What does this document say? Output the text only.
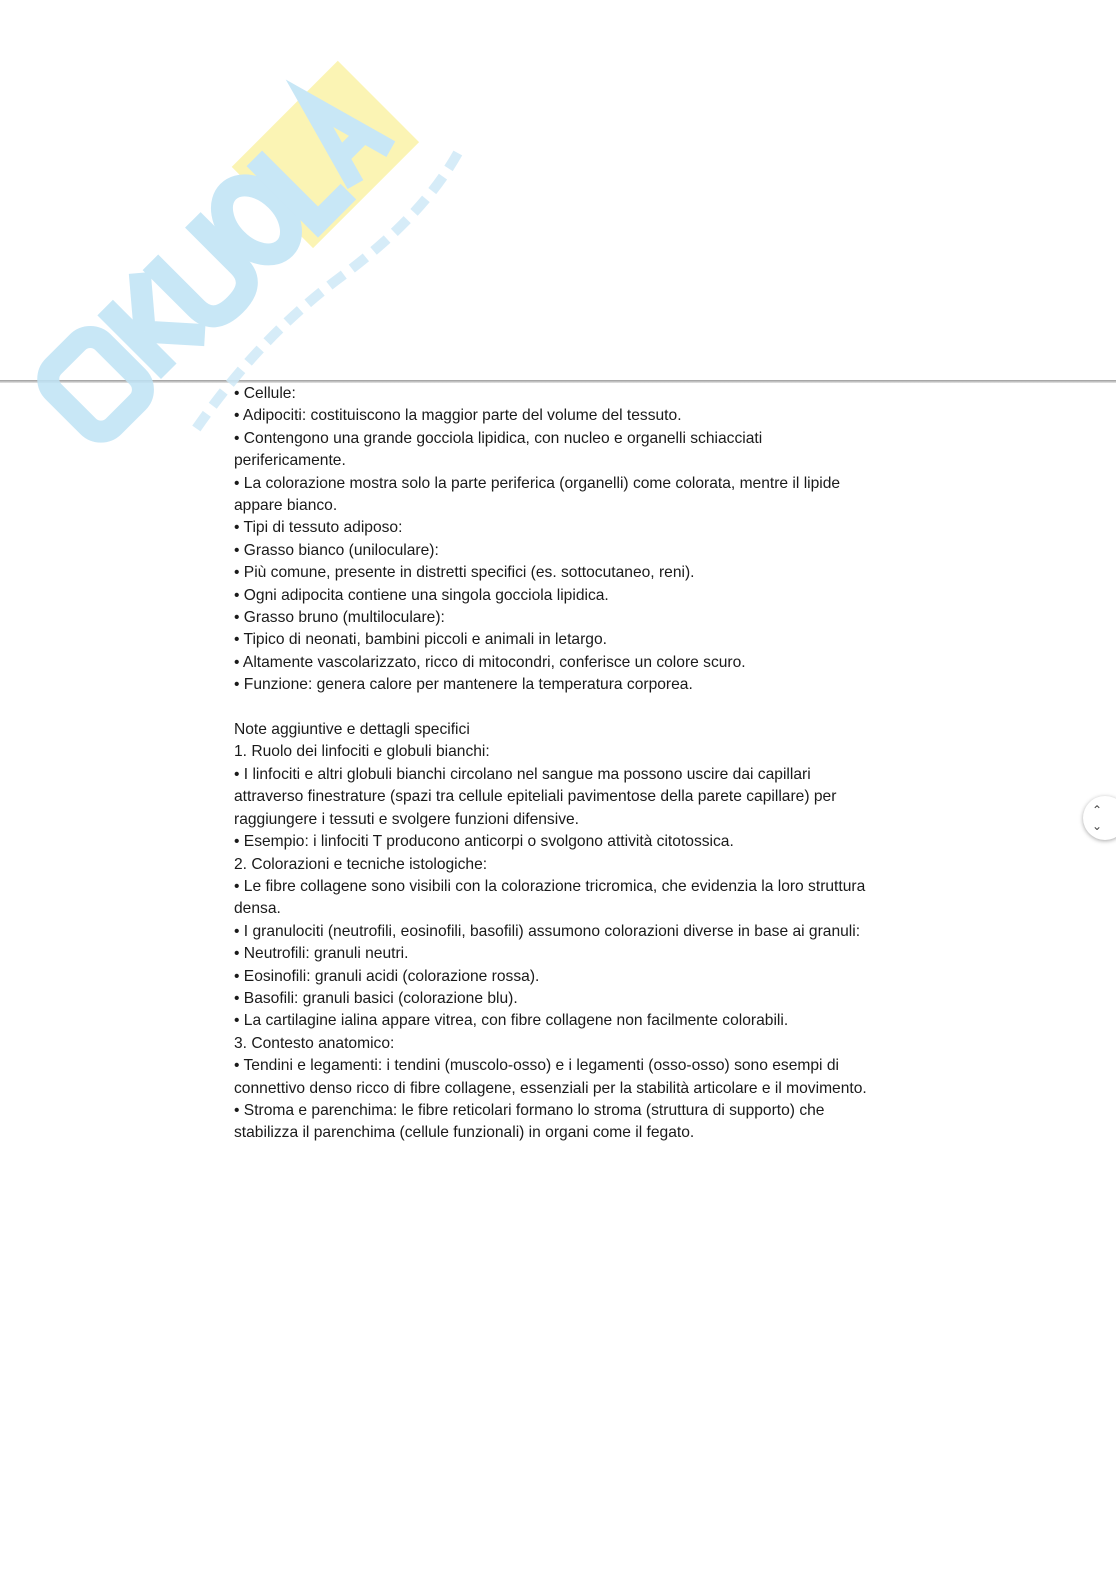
• Cellule:

• Adipociti: costituiscono la maggior parte del volume del tessuto.

• Contengono una grande gocciola lipidica, con nucleo e organelli schiacciati perifericamente.

• La colorazione mostra solo la parte periferica (organelli) come colorata, mentre il lipide appare bianco.

• Tipi di tessuto adiposo:

• Grasso bianco (uniloculare):

• Più comune, presente in distretti specifici (es. sottocutaneo, reni).

• Ogni adipocita contiene una singola gocciola lipidica.

• Grasso bruno (multiloculare):

• Tipico di neonati, bambini piccoli e animali in letargo.

• Altamente vascolarizzato, ricco di mitocondri, conferisce un colore scuro.

• Funzione: genera calore per mantenere la temperatura corporea.

Note aggiuntive e dettagli specifici

1. Ruolo dei linfociti e globuli bianchi:

• I linfociti e altri globuli bianchi circolano nel sangue ma possono uscire dai capillari attraverso finestrature (spazi tra cellule epiteliali pavimentose della parete capillare) per raggiungere i tessuti e svolgere funzioni difensive.

• Esempio: i linfociti T producono anticorpi o svolgono attività citotossica.

2. Colorazioni e tecniche istologiche:

• Le fibre collagene sono visibili con la colorazione tricromica, che evidenzia la loro struttura densa.

• I granulociti (neutrofili, eosinofili, basofili) assumono colorazioni diverse in base ai granuli:

• Neutrofili: granuli neutri.

• Eosinofili: granuli acidi (colorazione rossa).

• Basofili: granuli basici (colorazione blu).

• La cartilagine ialina appare vitrea, con fibre collagene non facilmente colorabili.

3. Contesto anatomico:

• Tendini e legamenti: i tendini (muscolo-osso) e i legamenti (osso-osso) sono esempi di connettivo denso ricco di fibre collagene, essenziali per la stabilità articolare e il movimento.

• Stroma e parenchima: le fibre reticolari formano lo stroma (struttura di supporto) che stabilizza il parenchima (cellule funzionali) in organi come il fegato.

⌃
⌄
